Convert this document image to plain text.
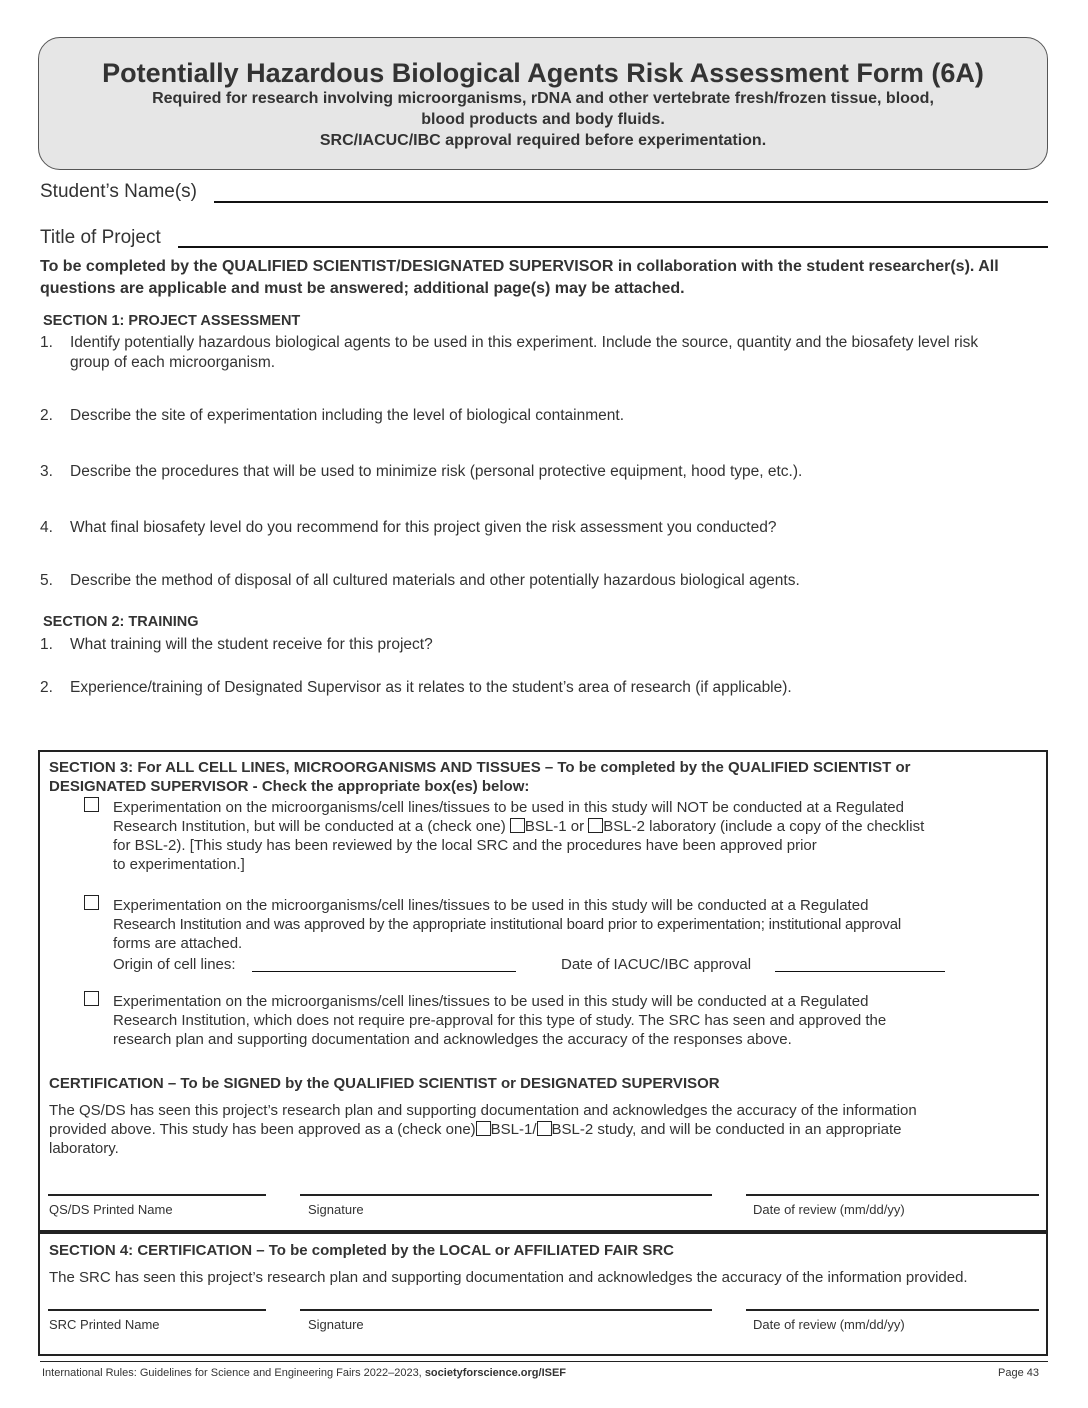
Potentially Hazardous Biological Agents Risk Assessment Form (6A)
Required for research involving microorganisms, rDNA and other vertebrate fresh/frozen tissue, blood,
blood products and body fluids.
SRC/IACUC/IBC approval required before experimentation.
Student’s Name(s)
Title of Project
To be completed by the QUALIFIED SCIENTIST/DESIGNATED SUPERVISOR in collaboration with the student researcher(s). All questions are applicable and must be answered; additional page(s) may be attached.
SECTION 1: PROJECT ASSESSMENT
1. Identify potentially hazardous biological agents to be used in this experiment. Include the source, quantity and the biosafety level risk group of each microorganism.
2. Describe the site of experimentation including the level of biological containment.
3. Describe the procedures that will be used to minimize risk (personal protective equipment, hood type, etc.).
4. What final biosafety level do you recommend for this project given the risk assessment you conducted?
5. Describe the method of disposal of all cultured materials and other potentially hazardous biological agents.
SECTION 2: TRAINING
1. What training will the student receive for this project?
2. Experience/training of Designated Supervisor as it relates to the student’s area of research (if applicable).
SECTION 3: For ALL CELL LINES, MICROORGANISMS AND TISSUES – To be completed by the QUALIFIED SCIENTIST or
DESIGNATED SUPERVISOR - Check the appropriate box(es) below:
Experimentation on the microorganisms/cell lines/tissues to be used in this study will NOT be conducted at a Regulated
Research Institution, but will be conducted at a (check one) BSL-1 or BSL-2 laboratory (include a copy of the checklist
for BSL-2). [This study has been reviewed by the local SRC and the procedures have been approved prior
to experimentation.]
Experimentation on the microorganisms/cell lines/tissues to be used in this study will be conducted at a Regulated
Research Institution and was approved by the appropriate institutional board prior to experimentation; institutional approval
forms are attached.
Origin of cell lines:	Date of IACUC/IBC approval
Experimentation on the microorganisms/cell lines/tissues to be used in this study will be conducted at a Regulated
Research Institution, which does not require pre-approval for this type of study. The SRC has seen and approved the
research plan and supporting documentation and acknowledges the accuracy of the responses above.
CERTIFICATION – To be SIGNED by the QUALIFIED SCIENTIST or DESIGNATED SUPERVISOR
The QS/DS has seen this project’s research plan and supporting documentation and acknowledges the accuracy of the information
provided above. This study has been approved as a (check one) BSL-1/ BSL-2 study, and will be conducted in an appropriate
laboratory.
QS/DS Printed Name	Signature	Date of review (mm/dd/yy)
SECTION 4: CERTIFICATION – To be completed by the LOCAL or AFFILIATED FAIR SRC
The SRC has seen this project’s research plan and supporting documentation and acknowledges the accuracy of the information provided.
SRC Printed Name	Signature	Date of review (mm/dd/yy)
International Rules: Guidelines for Science and Engineering Fairs 2022–2023, societyforscience.org/ISEF	Page 43
